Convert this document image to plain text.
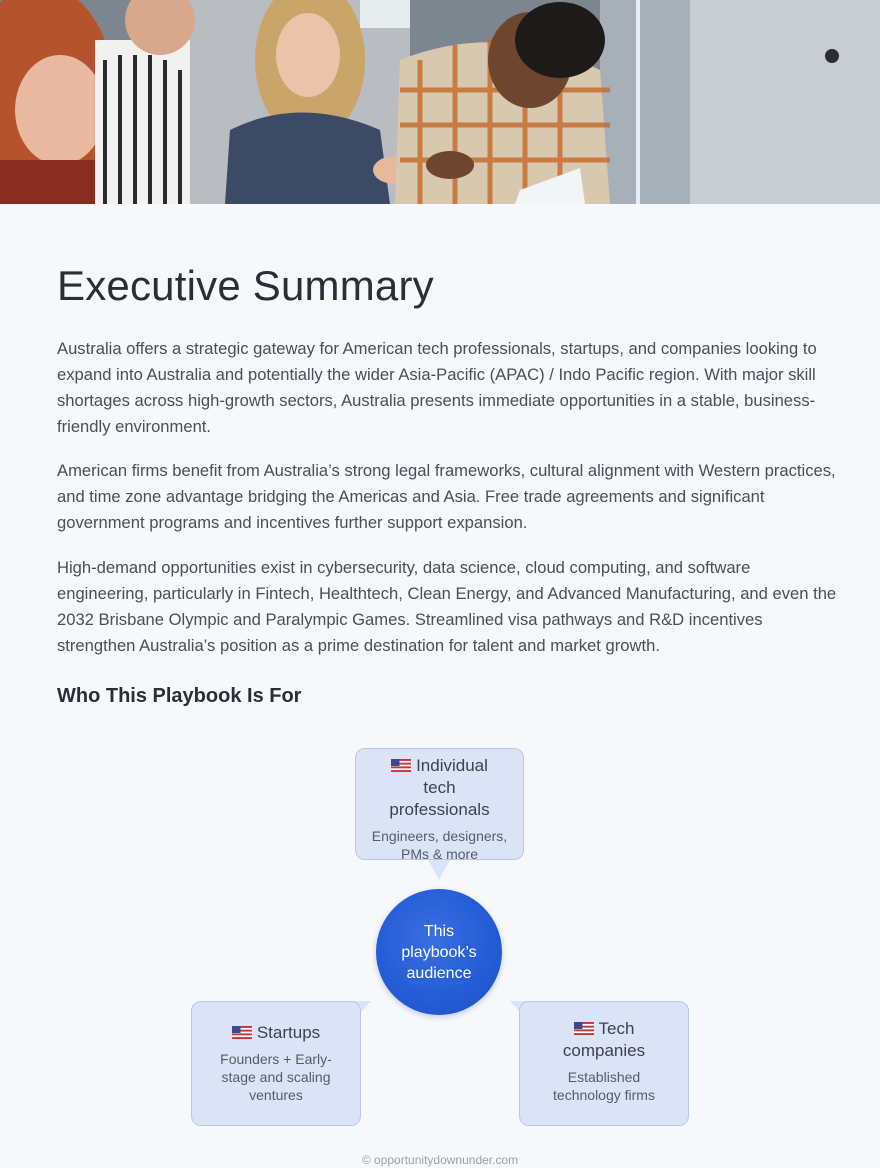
Executive Summary

Australia offers a strategic gateway for American tech professionals, startups, and companies looking to expand into Australia and potentially the wider Asia-Pacific (APAC) / Indo Pacific region. With major skill shortages across high-growth sectors, Australia presents immediate opportunities in a stable, business-friendly environment.

American firms benefit from Australia’s strong legal frameworks, cultural alignment with Western practices, and time zone advantage bridging the Americas and Asia. Free trade agreements and significant government programs and incentives further support expansion.

High-demand opportunities exist in cybersecurity, data science, cloud computing, and software engineering, particularly in Fintech, Healthtech, Clean Energy, and Advanced Manufacturing, and even the 2032 Brisbane Olympic and Paralympic Games. Streamlined visa pathways and R&D incentives strengthen Australia’s position as a prime destination for talent and market growth.

Who This Playbook Is For
Individual
tech
professionals
Engineers, designers,
PMs & more
This
playbook’s
audience
Startups
Founders + Early-
stage and scaling
ventures
Tech
companies
Established
technology firms
© opportunitydownunder.com
